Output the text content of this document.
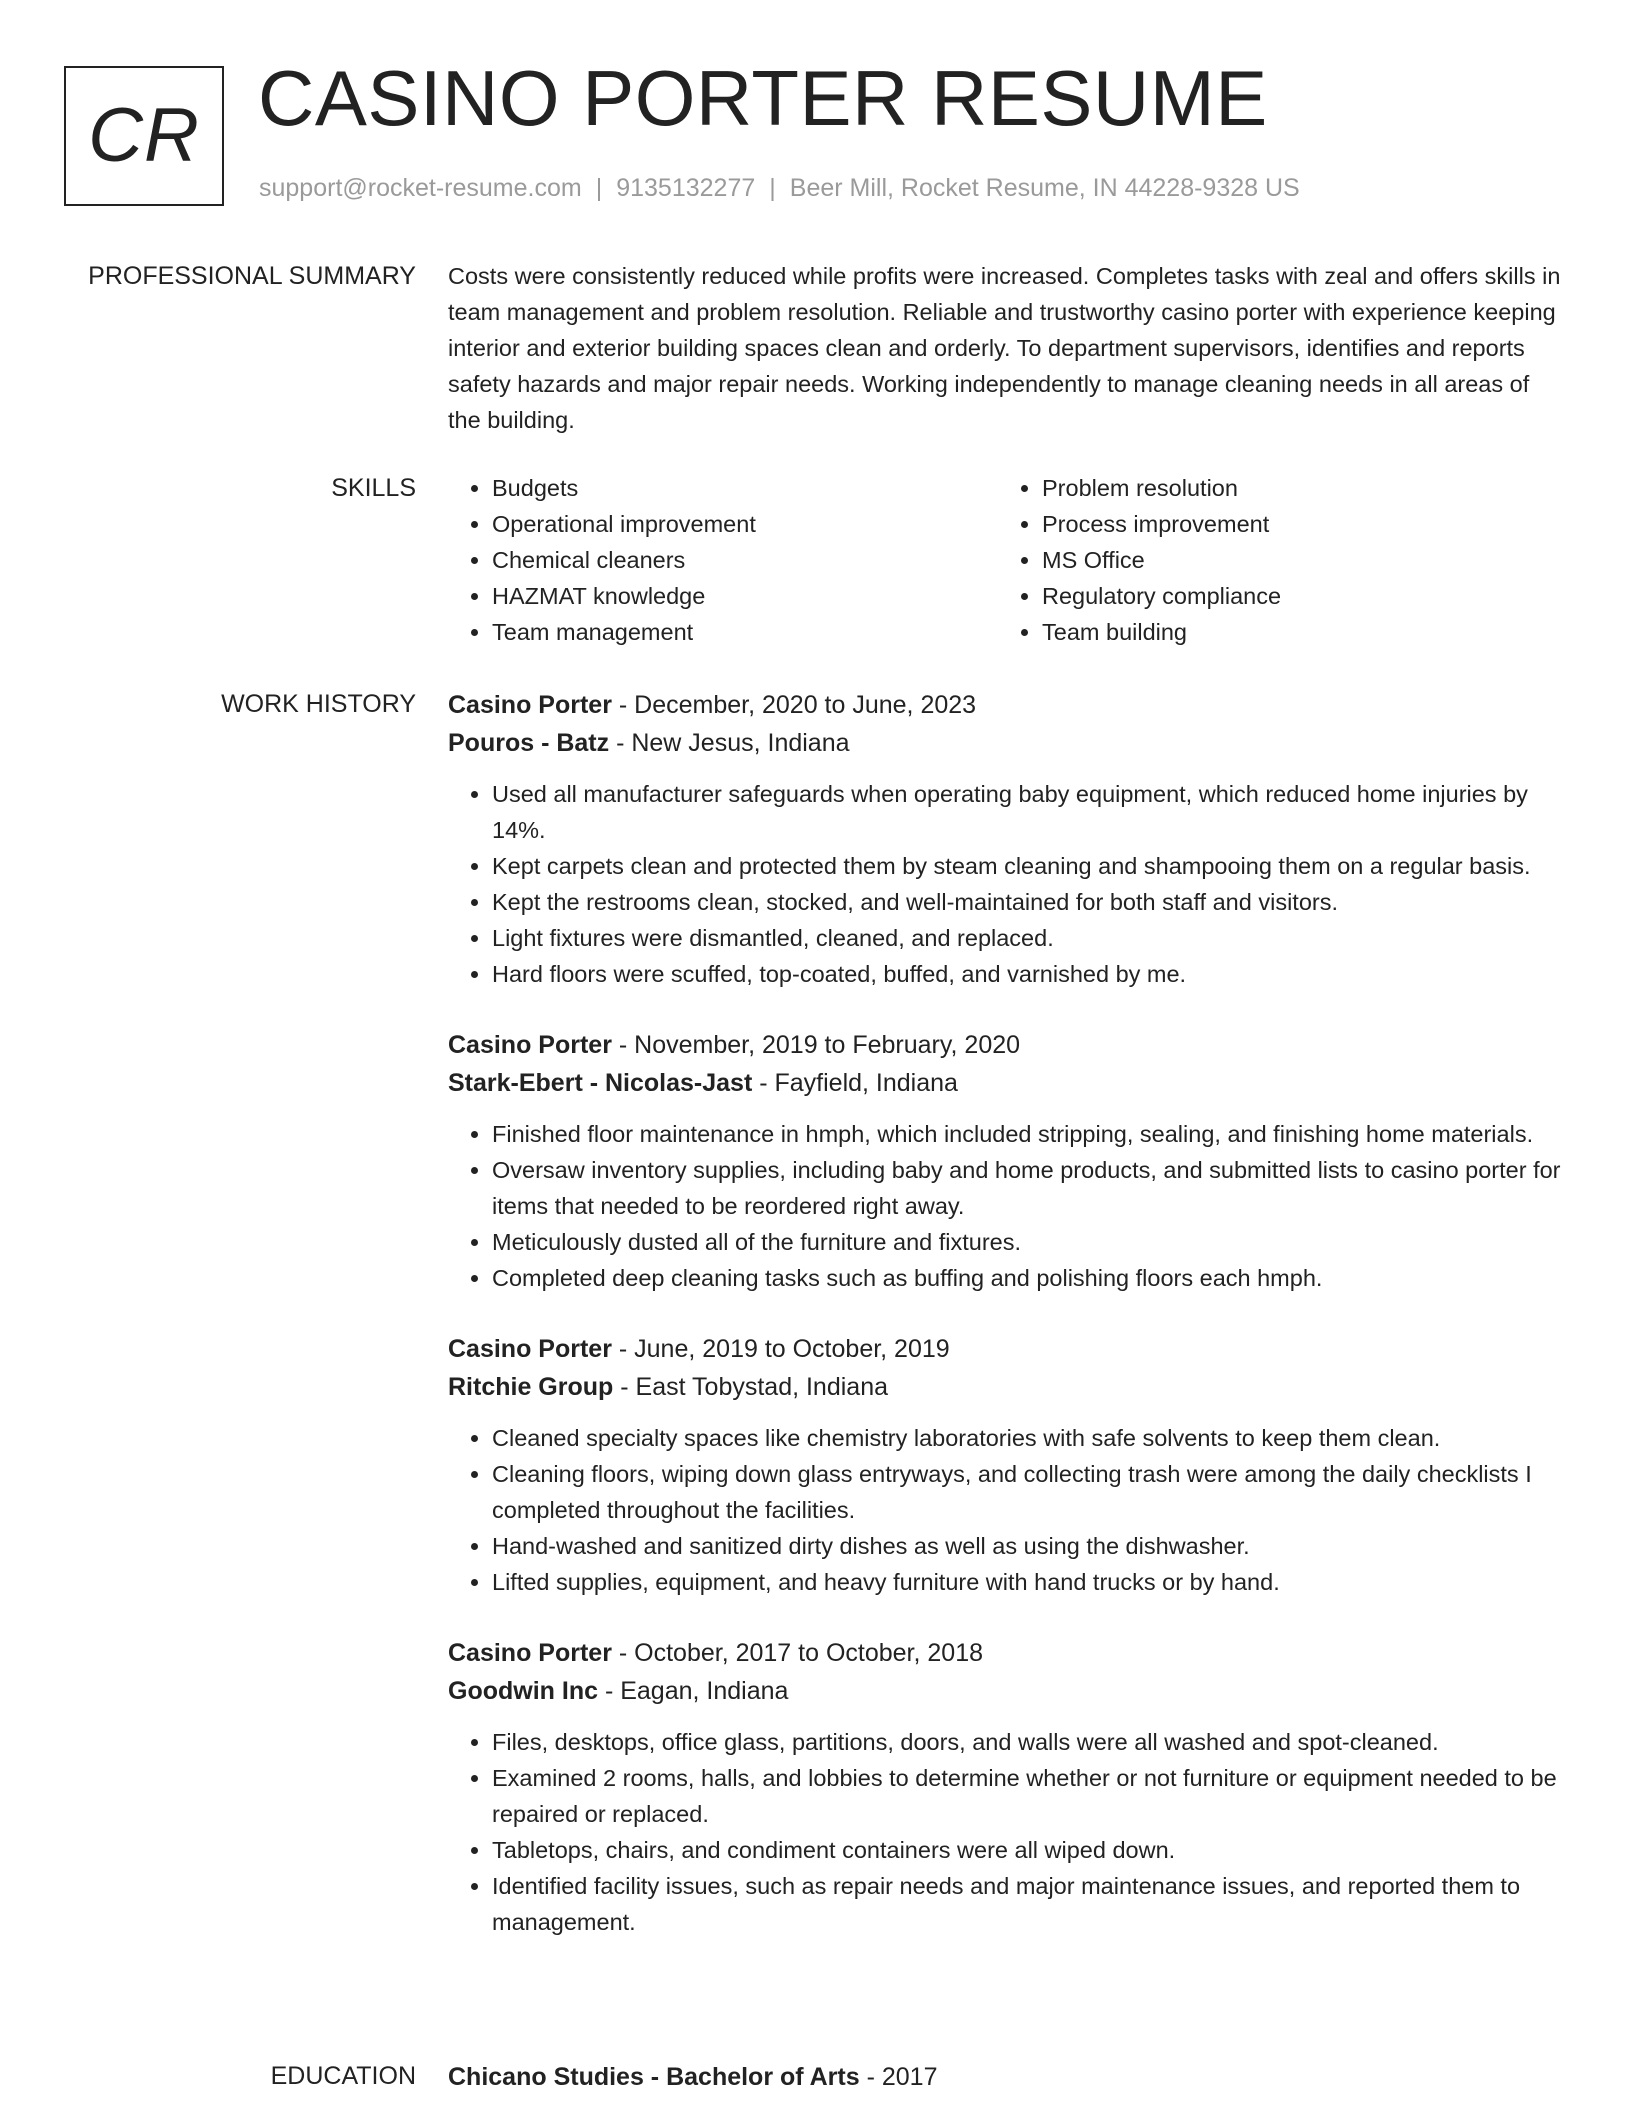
CR CASINO PORTER RESUME
support@rocket-resume.com | 9135132277 | Beer Mill, Rocket Resume, IN 44228-9328 US
PROFESSIONAL SUMMARY Costs were consistently reduced while profits were increased. Completes tasks with zeal and offers skills in team management and problem resolution. Reliable and trustworthy casino porter with experience keeping interior and exterior building spaces clean and orderly. To department supervisors, identifies and reports safety hazards and major repair needs. Working independently to manage cleaning needs in all areas of the building.

SKILLS
•	Budgets
• Operational improvement
• Chemical cleaners
• HAZMAT knowledge
• Team management
• Problem resolution
• Process improvement
• MS Office
• Regulatory compliance
• Team building
WORK HISTORY Casino Porter - December, 2020 to June, 2023
Pouros - Batz - New Jesus, Indiana
• Used all manufacturer safeguards when operating baby equipment, which reduced home injuries by 14%.
• Kept carpets clean and protected them by steam cleaning and shampooing them on a regular basis.
• Kept the restrooms clean, stocked, and well-maintained for both staff and visitors.
• Light fixtures were dismantled, cleaned, and replaced.
• Hard floors were scuffed, top-coated, buffed, and varnished by me.
Casino Porter - November, 2019 to February, 2020
Stark-Ebert - Nicolas-Jast - Fayfield, Indiana
• Finished floor maintenance in hmph, which included stripping, sealing, and finishing home materials.
• Oversaw inventory supplies, including baby and home products, and submitted lists to casino porter for items that needed to be reordered right away.
• Meticulously dusted all of the furniture and fixtures.
• Completed deep cleaning tasks such as buffing and polishing floors each hmph.
Casino Porter - June, 2019 to October, 2019
Ritchie Group - East Tobystad, Indiana
• Cleaned specialty spaces like chemistry laboratories with safe solvents to keep them clean.
• Cleaning floors, wiping down glass entryways, and collecting trash were among the daily checklists I completed throughout the facilities.
• Hand-washed and sanitized dirty dishes as well as using the dishwasher.
• Lifted supplies, equipment, and heavy furniture with hand trucks or by hand.
Casino Porter - October, 2017 to October, 2018
Goodwin Inc - Eagan, Indiana
• Files, desktops, office glass, partitions, doors, and walls were all washed and spot-cleaned.
• Examined 2 rooms, halls, and lobbies to determine whether or not furniture or equipment needed to be repaired or replaced.
• Tabletops, chairs, and condiment containers were all wiped down.
• Identified facility issues, such as repair needs and major maintenance issues, and reported them to management.
EDUCATION Chicano Studies - Bachelor of Arts - 2017
